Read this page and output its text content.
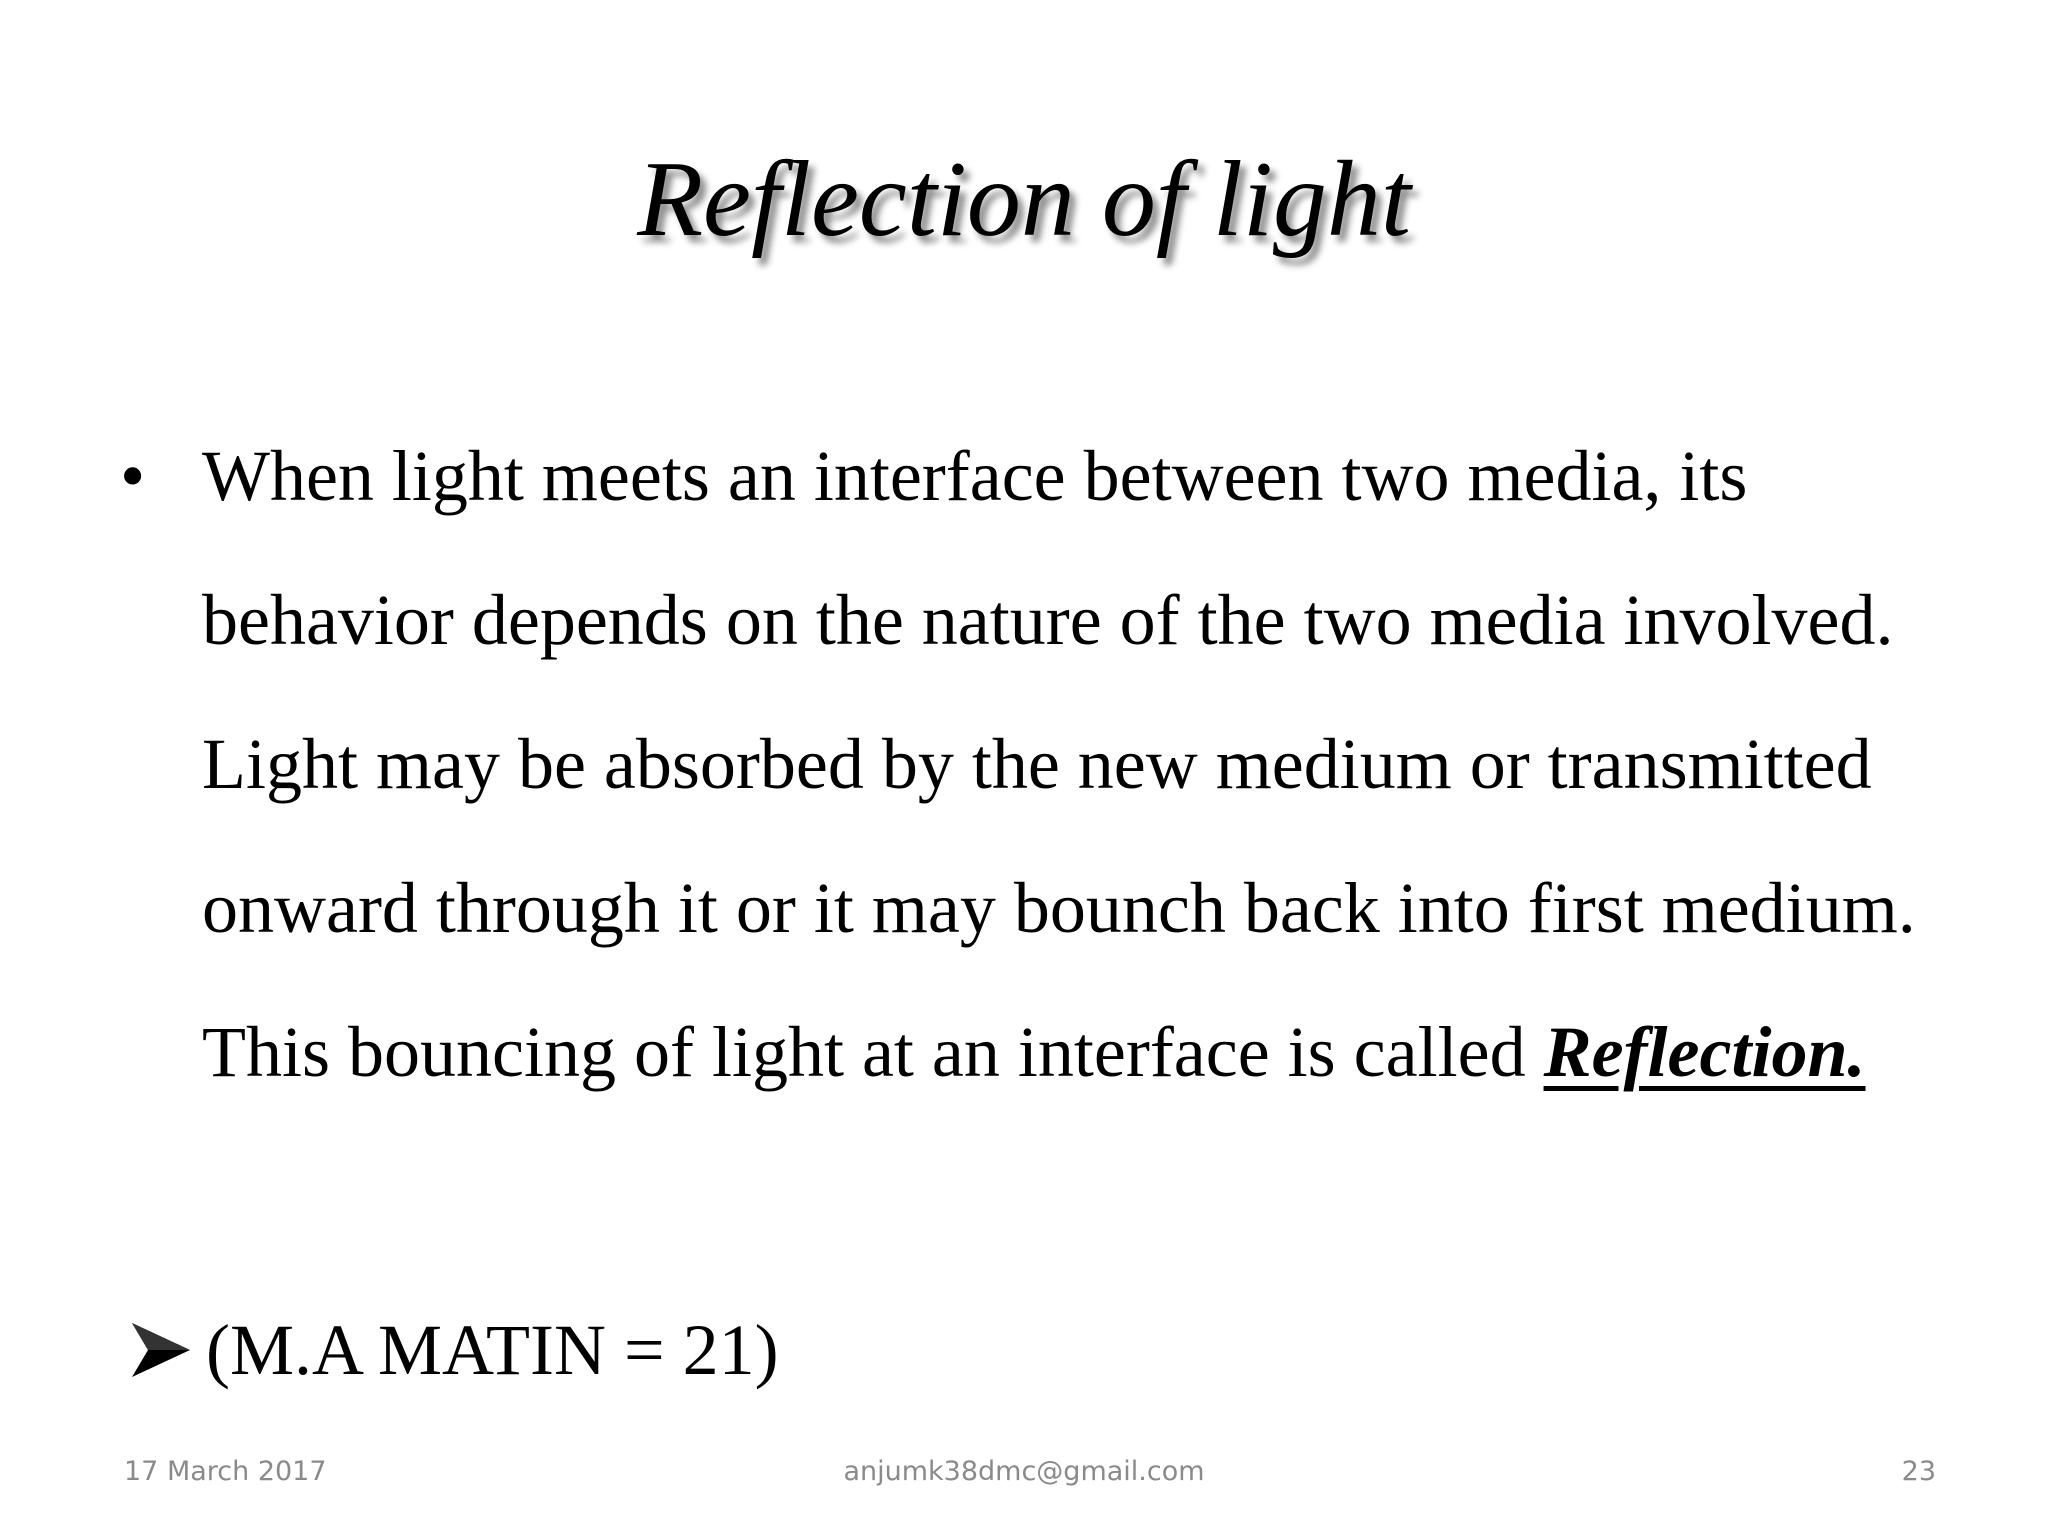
Reflection of light
• When light meets an interface between two media, its behavior depends on the nature of the two media involved. Light may be absorbed by the new medium or transmitted onward through it or it may bounch back into first medium. This bouncing of light at an interface is called Reflection.
(M.A MATIN = 21)
17 March 2017	anjumk38dmc@gmail.com	23
